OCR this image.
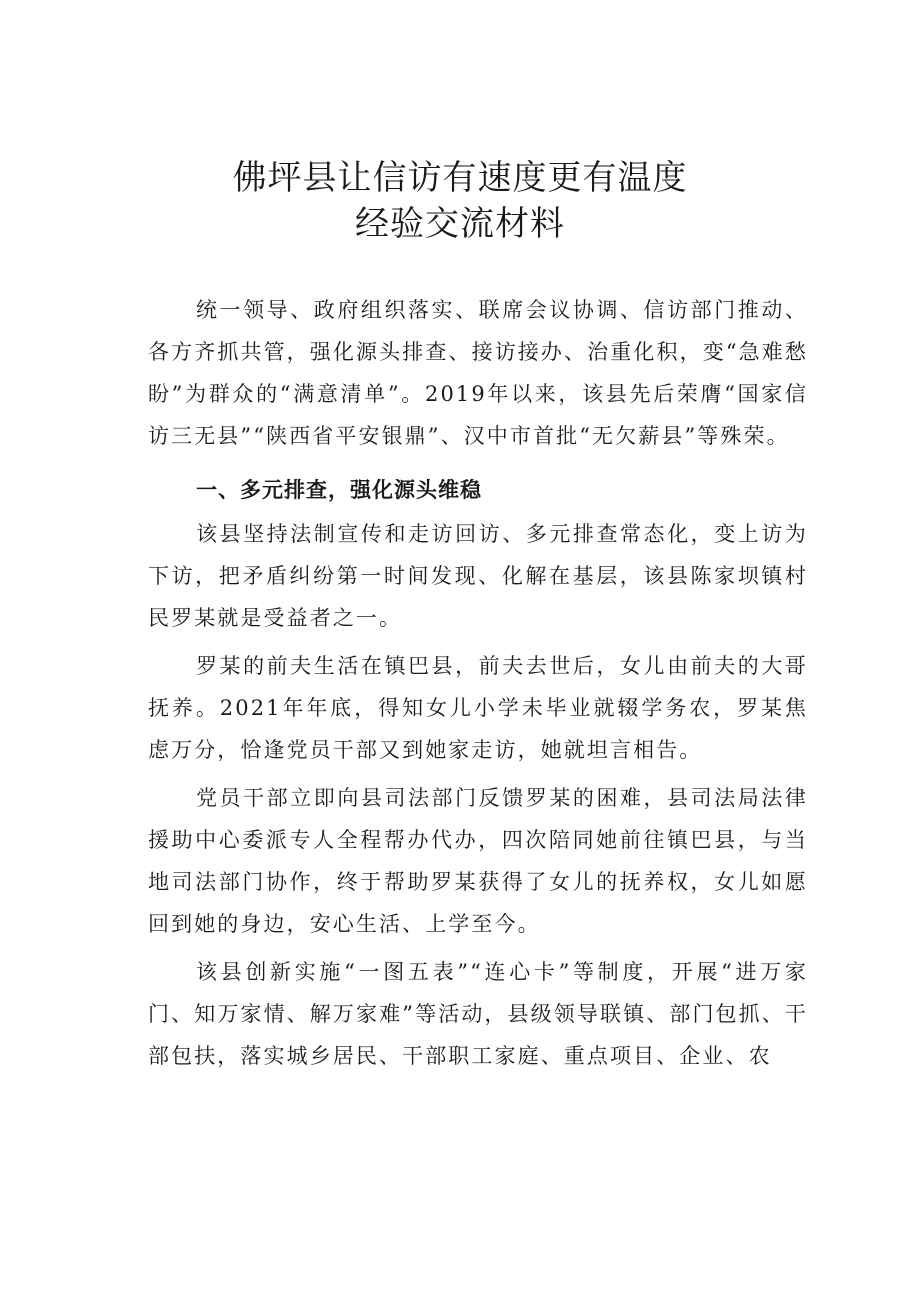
佛坪县让信访有速度更有温度
经验交流材料

统一领导、政府组织落实、联席会议协调、信访部门推动、各方齐抓共管，强化源头排查、接访接办、治重化积，变“急难愁盼”为群众的“满意清单”。2019年以来，该县先后荣膺“国家信访三无县”“陕西省平安银鼎”、汉中市首批“无欠薪县”等殊荣。

一、多元排查，强化源头维稳

该县坚持法制宣传和走访回访、多元排查常态化，变上访为下访，把矛盾纠纷第一时间发现、化解在基层，该县陈家坝镇村民罗某就是受益者之一。

罗某的前夫生活在镇巴县，前夫去世后，女儿由前夫的大哥抚养。2021年年底，得知女儿小学未毕业就辍学务农，罗某焦虑万分，恰逢党员干部又到她家走访，她就坦言相告。

党员干部立即向县司法部门反馈罗某的困难，县司法局法律援助中心委派专人全程帮办代办，四次陪同她前往镇巴县，与当地司法部门协作，终于帮助罗某获得了女儿的抚养权，女儿如愿回到她的身边，安心生活、上学至今。

该县创新实施“一图五表”“连心卡”等制度，开展“进万家门、知万家情、解万家难”等活动，县级领导联镇、部门包抓、干部包扶，落实城乡居民、干部职工家庭、重点项目、企业、农
